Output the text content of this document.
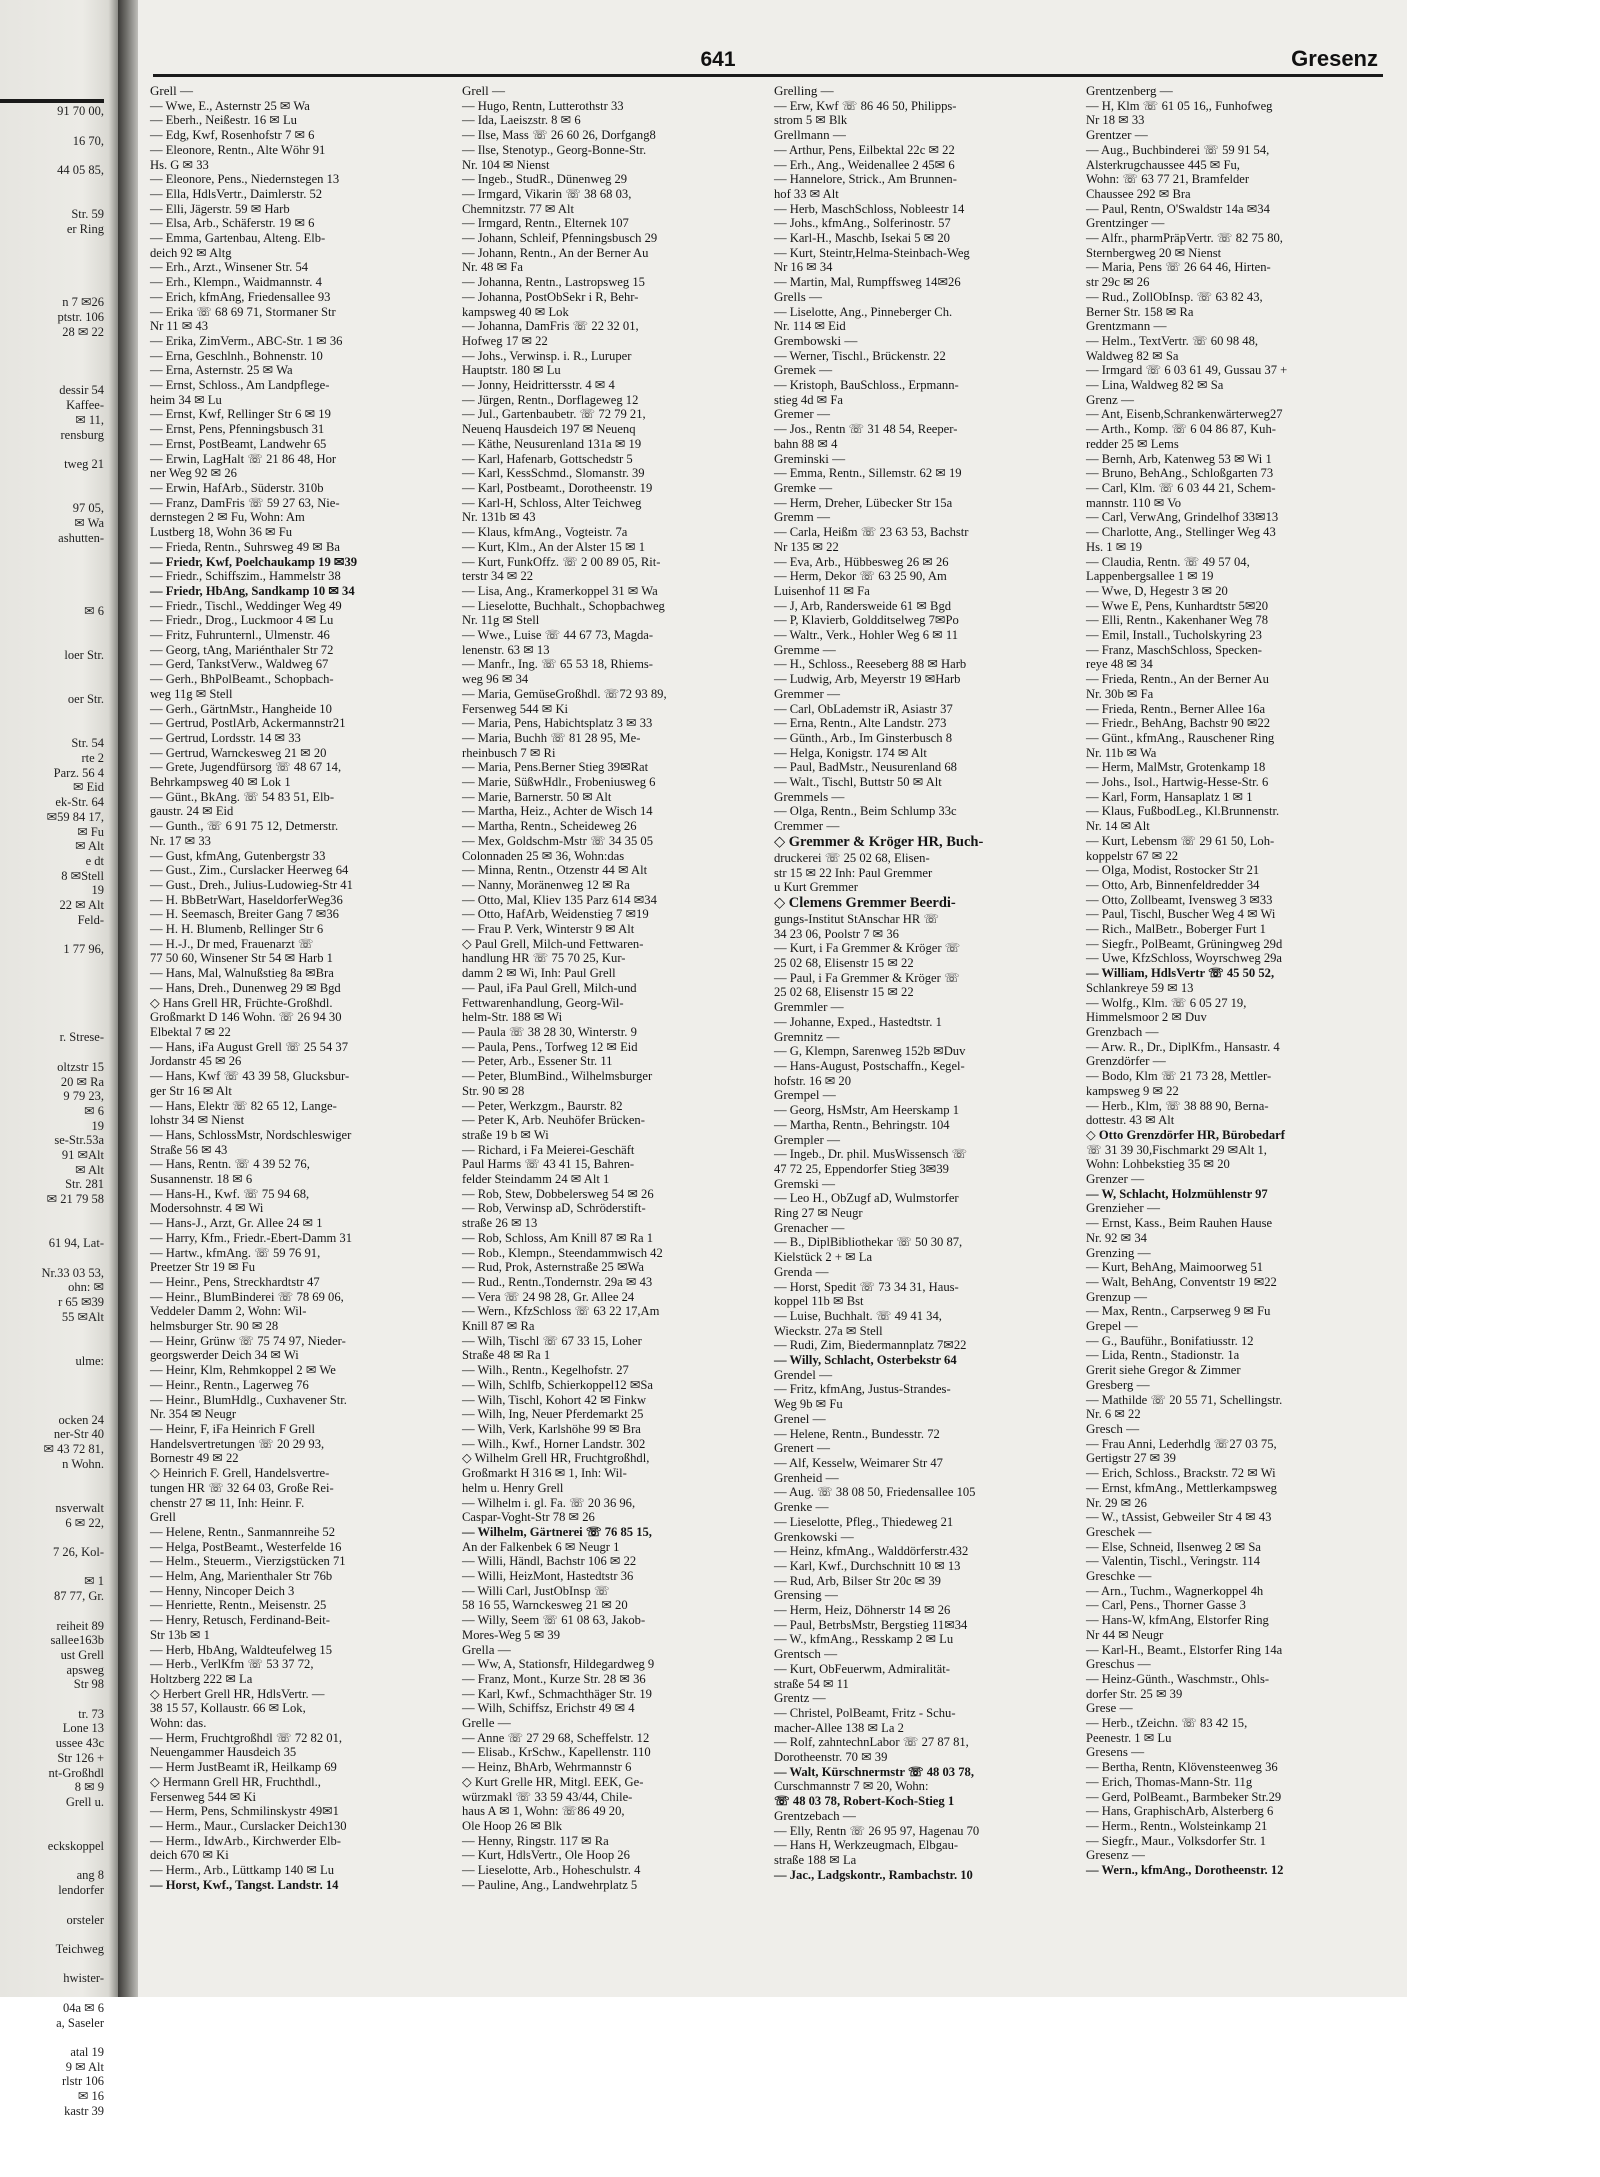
91 70 00,

16 70,

44 05 85,

Str. 59
er Ring

n 7 ✉26
ptstr. 106
28 ✉ 22

dessir 54
Kaffee-
✉ 11,
rensburg

tweg 21

97 05,
✉ Wa
ashutten-

✉ 6

loer Str.

oer Str.

Str. 54
rte 2
Parz. 56 4
✉ Eid
ek-Str. 64
✉59 84 17,
✉ Fu
✉ Alt
e dt
8 ✉Stell
19
22 ✉ Alt
Feld-

1 77 96,

r. Strese-

oltzstr 15
20 ✉ Ra
9 79 23,
✉ 6
19
se-Str.53a
91 ✉Alt
✉ Alt
Str. 281
✉ 21 79 58

61 94, Lat-

Nr.33 03 53,
ohn: ✉
r 65 ✉39
55 ✉Alt

ulme:

ocken 24
ner-Str 40
✉ 43 72 81,
n Wohn.

nsverwalt
6 ✉ 22,

7 26, Kol-

✉ 1
87 77, Gr.

reiheit 89
sallee163b
ust Grell
apsweg
Str 98

tr. 73
Lone 13
ussee 43c
Str 126 +
nt-Großhdl
8 ✉ 9
Grell u.

eckskoppel

ang 8
lendorfer

orsteler

Teichweg

hwister-

04a ✉ 6
a, Saseler

atal 19
9 ✉ Alt
rlstr 106
✉ 16
kastr 39
641	Gresenz
Grell —
— Wwe, E., Asternstr 25 ✉ Wa
— Eberh., Neißestr. 16 ✉ Lu
— Edg, Kwf, Rosenhofstr 7 ✉ 6
— Eleonore, Rentn., Alte Wöhr 91
Hs. G ✉ 33
— Eleonore, Pens., Niedernstegen 13
— Ella, HdlsVertr., Daimlerstr. 52
— Elli, Jägerstr. 59 ✉ Harb
— Elsa, Arb., Schäferstr. 19 ✉ 6
— Emma, Gartenbau, Alteng. Elb-
deich 92 ✉ Altg
— Erh., Arzt., Winsener Str. 54
— Erh., Klempn., Waidmannstr. 4
— Erich, kfmAng, Friedensallee 93
— Erika ☏ 68 69 71, Stormaner Str
Nr 11 ✉ 43
— Erika, ZimVerm., ABC-Str. 1 ✉ 36
— Erna, Geschlnh., Bohnenstr. 10
— Erna, Asternstr. 25 ✉ Wa
— Ernst, Schloss., Am Landpflege-
heim 34 ✉ Lu
— Ernst, Kwf, Rellinger Str 6 ✉ 19
— Ernst, Pens, Pfenningsbusch 31
— Ernst, PostBeamt, Landwehr 65
— Erwin, LagHalt ☏ 21 86 48, Hor
ner Weg 92 ✉ 26
— Erwin, HafArb., Süderstr. 310b
— Franz, DamFris ☏ 59 27 63, Nie-
dernstegen 2 ✉ Fu, Wohn: Am
Lustberg 18, Wohn 36 ✉ Fu
— Frieda, Rentn., Suhrsweg 49 ✉ Ba
— Friedr, Kwf, Poelchaukamp 19 ✉39
— Friedr., Schiffszim., Hammelstr 38
— Friedr, HbAng, Sandkamp 10 ✉ 34
— Friedr., Tischl., Weddinger Weg 49
— Friedr., Drog., Luckmoor 4 ✉ Lu
— Fritz, Fuhrunternl., Ulmenstr. 46
— Georg, tAng, Mariénthaler Str 72
— Gerd, TankstVerw., Waldweg 67
— Gerh., BhPolBeamt., Schopbach-
weg 11g ✉ Stell
— Gerh., GärtnMstr., Hangheide 10
— Gertrud, PostlArb, Ackermannstr21
— Gertrud, Lordsstr. 14 ✉ 33
— Gertrud, Warnckesweg 21 ✉ 20
— Grete, Jugendfürsorg ☏ 48 67 14,
Behrkampsweg 40 ✉ Lok 1
— Günt., BkAng. ☏ 54 83 51, Elb-
gaustr. 24 ✉ Eid
— Gunth., ☏ 6 91 75 12, Detmerstr.
Nr. 17 ✉ 33
— Gust, kfmAng, Gutenbergstr 33
— Gust., Zim., Curslacker Heerweg 64
— Gust., Dreh., Julius-Ludowieg-Str 41
— H. BbBetrWart, HaseldorferWeg36
— H. Seemasch, Breiter Gang 7 ✉36
— H. H. Blumenb, Rellinger Str 6
— H.-J., Dr med, Frauenarzt ☏
77 50 60, Winsener Str 54 ✉ Harb 1
— Hans, Mal, Walnußstieg 8a ✉Bra
— Hans, Dreh., Dunenweg 29 ✉ Bgd
◇ Hans Grell HR, Früchte-Großhdl.
Großmarkt D 146 Wohn. ☏ 26 94 30
Elbektal 7 ✉ 22
— Hans, iFa August Grell ☏ 25 54 37
Jordanstr 45 ✉ 26
— Hans, Kwf ☏ 43 39 58, Glucksbur-
ger Str 16 ✉ Alt
— Hans, Elektr ☏ 82 65 12, Lange-
lohstr 34 ✉ Nienst
— Hans, SchlossMstr, Nordschleswiger
Straße 56 ✉ 43
— Hans, Rentn. ☏ 4 39 52 76,
Susannenstr. 18 ✉ 6
— Hans-H., Kwf. ☏ 75 94 68,
Modersohnstr. 4 ✉ Wi
— Hans-J., Arzt, Gr. Allee 24 ✉ 1
— Harry, Kfm., Friedr.-Ebert-Damm 31
— Hartw., kfmAng. ☏ 59 76 91,
Preetzer Str 19 ✉ Fu
— Heinr., Pens, Streckhardtstr 47
— Heinr., BlumBinderei ☏ 78 69 06,
Veddeler Damm 2, Wohn: Wil-
helmsburger Str. 90 ✉ 28
— Heinr, Grünw ☏ 75 74 97, Nieder-
georgswerder Deich 34 ✉ Wi
— Heinr, Klm, Rehmkoppel 2 ✉ We
— Heinr., Rentn., Lagerweg 76
— Heinr., BlumHdlg., Cuxhavener Str.
Nr. 354 ✉ Neugr
— Heinr, F, iFa Heinrich F Grell
Handelsvertretungen ☏ 20 29 93,
Bornestr 49 ✉ 22
◇ Heinrich F. Grell, Handelsvertre-
tungen HR ☏ 32 64 03, Große Rei-
chenstr 27 ✉ 11, Inh: Heinr. F.
Grell
— Helene, Rentn., Sanmannreihe 52
— Helga, PostBeamt., Westerfelde 16
— Helm., Steuerm., Vierzigstücken 71
— Helm, Ang, Marienthaler Str 76b
— Henny, Nincoper Deich 3
— Henriette, Rentn., Meisenstr. 25
— Henry, Retusch, Ferdinand-Beit-
Str 13b ✉ 1
— Herb, HbAng, Waldteufelweg 15
— Herb., VerlKfm ☏ 53 37 72,
Holtzberg 222 ✉ La
◇ Herbert Grell HR, HdlsVertr. —
38 15 57, Kollaustr. 66 ✉ Lok,
Wohn: das.
— Herm, Fruchtgroßhdl ☏ 72 82 01,
Neuengammer Hausdeich 35
— Herm JustBeamt iR, Heilkamp 69
◇ Hermann Grell HR, Fruchthdl.,
Fersenweg 544 ✉ Ki
— Herm, Pens, Schmilinskystr 49✉1
— Herm., Maur., Curslacker Deich130
— Herm., IdwArb., Kirchwerder Elb-
deich 670 ✉ Ki
— Herm., Arb., Lüttkamp 140 ✉ Lu
— Horst, Kwf., Tangst. Landstr. 14
Grell —
— Hugo, Rentn, Lutterothstr 33
— Ida, Laeiszstr. 8 ✉ 6
— Ilse, Mass ☏ 26 60 26, Dorfgang8
— Ilse, Stenotyp., Georg-Bonne-Str.
Nr. 104 ✉ Nienst
— Ingeb., StudR., Dünenweg 29
— Irmgard, Vikarin ☏ 38 68 03,
Chemnitzstr. 77 ✉ Alt
— Irmgard, Rentn., Elternek 107
— Johann, Schleif, Pfenningsbusch 29
— Johann, Rentn., An der Berner Au
Nr. 48 ✉ Fa
— Johanna, Rentn., Lastropsweg 15
— Johanna, PostObSekr i R, Behr-
kampsweg 40 ✉ Lok
— Johanna, DamFris ☏ 22 32 01,
Hofweg 17 ✉ 22
— Johs., Verwinsp. i. R., Luruper
Hauptstr. 180 ✉ Lu
— Jonny, Heidrittersstr. 4 ✉ 4
— Jürgen, Rentn., Dorflageweg 12
— Jul., Gartenbaubetr. ☏ 72 79 21,
Neuenq Hausdeich 197 ✉ Neuenq
— Käthe, Neusurenland 131a ✉ 19
— Karl, Hafenarb, Gottschedstr 5
— Karl, KessSchmd., Slomanstr. 39
— Karl, Postbeamt., Dorotheenstr. 19
— Karl-H, Schloss, Alter Teichweg
Nr. 131b ✉ 43
— Klaus, kfmAng., Vogteistr. 7a
— Kurt, Klm., An der Alster 15 ✉ 1
— Kurt, FunkOffz. ☏ 2 00 89 05, Rit-
terstr 34 ✉ 22
— Lisa, Ang., Kramerkoppel 31 ✉ Wa
— Lieselotte, Buchhalt., Schopbachweg
Nr. 11g ✉ Stell
— Wwe., Luise ☏ 44 67 73, Magda-
lenenstr. 63 ✉ 13
— Manfr., Ing. ☏ 65 53 18, Rhiems-
weg 96 ✉ 34
— Maria, GemüseGroßhdl. ☏72 93 89,
Fersenweg 544 ✉ Ki
— Maria, Pens, Habichtsplatz 3 ✉ 33
— Maria, Buchh ☏ 81 28 95, Me-
rheinbusch 7 ✉ Ri
— Maria, Pens.Berner Stieg 39✉Rat
— Marie, SüßwHdlr., Frobeniusweg 6
— Marie, Barnerstr. 50 ✉ Alt
— Martha, Heiz., Achter de Wisch 14
— Martha, Rentn., Scheideweg 26
— Mex, Goldschm-Mstr ☏ 34 35 05
Colonnaden 25 ✉ 36, Wohn:das
— Minna, Rentn., Otzenstr 44 ✉ Alt
— Nanny, Moränenweg 12 ✉ Ra
— Otto, Mal, Kliev 135 Parz 614 ✉34
— Otto, HafArb, Weidenstieg 7 ✉19
— Frau P. Verk, Winterstr 9 ✉ Alt
◇ Paul Grell, Milch-und Fettwaren-
handlung HR ☏ 75 70 25, Kur-
damm 2 ✉ Wi, Inh: Paul Grell
— Paul, iFa Paul Grell, Milch-und
Fettwarenhandlung, Georg-Wil-
helm-Str. 188 ✉ Wi
— Paula ☏ 38 28 30, Winterstr. 9
— Paula, Pens., Torfweg 12 ✉ Eid
— Peter, Arb., Essener Str. 11
— Peter, BlumBind., Wilhelmsburger
Str. 90 ✉ 28
— Peter, Werkzgm., Baurstr. 82
— Peter K, Arb. Neuhöfer Brücken-
straße 19 b ✉ Wi
— Richard, i Fa Meierei-Geschäft
Paul Harms ☏ 43 41 15, Bahren-
felder Steindamm 24 ✉ Alt 1
— Rob, Stew, Dobbelersweg 54 ✉ 26
— Rob, Verwinsp aD, Schröderstift-
straße 26 ✉ 13
— Rob, Schloss, Am Knill 87 ✉ Ra 1
— Rob., Klempn., Steendammwisch 42
— Rud, Prok, Asternstraße 25 ✉Wa
— Rud., Rentn.,Tondernstr. 29a ✉ 43
— Vera ☏ 24 98 28, Gr. Allee 24
— Wern., KfzSchloss ☏ 63 22 17,Am
Knill 87 ✉ Ra
— Wilh, Tischl ☏ 67 33 15, Loher
Straße 48 ✉ Ra 1
— Wilh., Rentn., Kegelhofstr. 27
— Wilh, Schlfb, Schierkoppel12 ✉Sa
— Wilh, Tischl, Kohort 42 ✉ Finkw
— Wilh, Ing, Neuer Pferdemarkt 25
— Wilh, Verk, Karlshöhe 99 ✉ Bra
— Wilh., Kwf., Horner Landstr. 302
◇ Wilhelm Grell HR, Fruchtgroßhdl,
Großmarkt H 316 ✉ 1, Inh: Wil-
helm u. Henry Grell
— Wilhelm i. gl. Fa. ☏ 20 36 96,
Caspar-Voght-Str 78 ✉ 26
— Wilhelm, Gärtnerei ☏ 76 85 15,
An der Falkenbek 6 ✉ Neugr 1
— Willi, Händl, Bachstr 106 ✉ 22
— Willi, HeizMont, Hastedtstr 36
— Willi Carl, JustObInsp ☏
58 16 55, Warnckesweg 21 ✉ 20
— Willy, Seem ☏ 61 08 63, Jakob-
Mores-Weg 5 ✉ 39
Grella —
— Ww, A, Stationsfr, Hildegardweg 9
— Franz, Mont., Kurze Str. 28 ✉ 36
— Karl, Kwf., Schmachthäger Str. 19
— Wilh, Schiffsz, Erichstr 49 ✉ 4
Grelle —
— Anne ☏ 27 29 68, Scheffelstr. 12
— Elisab., KrSchw., Kapellenstr. 110
— Heinz, BhArb, Wehrmannstr 6
◇ Kurt Grelle HR, Mitgl. EEK, Ge-
würzmakl ☏ 33 59 43/44, Chile-
haus A ✉ 1, Wohn: ☏86 49 20,
Ole Hoop 26 ✉ Blk
— Henny, Ringstr. 117 ✉ Ra
— Kurt, HdlsVertr., Ole Hoop 26
— Lieselotte, Arb., Hoheschulstr. 4
— Pauline, Ang., Landwehrplatz 5
Grelling —
— Erw, Kwf ☏ 86 46 50, Philipps-
strom 5 ✉ Blk
Grellmann —
— Arthur, Pens, Eilbektal 22c ✉ 22
— Erh., Ang., Weidenallee 2 45✉ 6
— Hannelore, Strick., Am Brunnen-
hof 33 ✉ Alt
— Herb, MaschSchloss, Nobleestr 14
— Johs., kfmAng., Solferinostr. 57
— Karl-H., Maschb, Isekai 5 ✉ 20
— Kurt, Steintr,Helma-Steinbach-Weg
Nr 16 ✉ 34
— Martin, Mal, Rumpffsweg 14✉26
Grells —
— Liselotte, Ang., Pinneberger Ch.
Nr. 114 ✉ Eid
Grembowski —
— Werner, Tischl., Brückenstr. 22
Gremek —
— Kristoph, BauSchloss., Erpmann-
stieg 4d ✉ Fa
Gremer —
— Jos., Rentn ☏ 31 48 54, Reeper-
bahn 88 ✉ 4
Greminski —
— Emma, Rentn., Sillemstr. 62 ✉ 19
Gremke —
— Herm, Dreher, Lübecker Str 15a
Gremm —
— Carla, Heißm ☏ 23 63 53, Bachstr
Nr 135 ✉ 22
— Eva, Arb., Hübbesweg 26 ✉ 26
— Herm, Dekor ☏ 63 25 90, Am
Luisenhof 11 ✉ Fa
— J, Arb, Randersweide 61 ✉ Bgd
— P, Klavierb, Goldditselweg 7✉Po
— Waltr., Verk., Hohler Weg 6 ✉ 11
Gremme —
— H., Schloss., Reeseberg 88 ✉ Harb
— Ludwig, Arb, Meyerstr 19 ✉Harb
Gremmer —
— Carl, ObLademstr iR, Asiastr 37
— Erna, Rentn., Alte Landstr. 273
— Günth., Arb., Im Ginsterbusch 8
— Helga, Konigstr. 174 ✉ Alt
— Paul, BadMstr., Neusurenland 68
— Walt., Tischl, Buttstr 50 ✉ Alt
Gremmels —
— Olga, Rentn., Beim Schlump 33c
Cremmer —
◇ Gremmer & Kröger HR, Buch-
druckerei ☏ 25 02 68, Elisen-
str 15 ✉ 22 Inh: Paul Gremmer
u Kurt Gremmer
◇ Clemens Gremmer Beerdi-
gungs-Institut StAnschar HR ☏
34 23 06, Poolstr 7 ✉ 36
— Kurt, i Fa Gremmer & Kröger ☏
25 02 68, Elisenstr 15 ✉ 22
— Paul, i Fa Gremmer & Kröger ☏
25 02 68, Elisenstr 15 ✉ 22
Gremmler —
— Johanne, Exped., Hastedtstr. 1
Gremnitz —
— G, Klempn, Sarenweg 152b ✉Duv
— Hans-August, Postschaffn., Kegel-
hofstr. 16 ✉ 20
Grempel —
— Georg, HsMstr, Am Heerskamp 1
— Martha, Rentn., Behringstr. 104
Grempler —
— Ingeb., Dr. phil. MusWissensch ☏
47 72 25, Eppendorfer Stieg 3✉39
Gremski —
— Leo H., ObZugf aD, Wulmstorfer
Ring 27 ✉ Neugr
Grenacher —
— B., DiplBibliothekar ☏ 50 30 87,
Kielstück 2 + ✉ La
Grenda —
— Horst, Spedit ☏ 73 34 31, Haus-
koppel 11b ✉ Bst
— Luise, Buchhalt. ☏ 49 41 34,
Wieckstr. 27a ✉ Stell
— Rudi, Zim, Biedermannplatz 7✉22
— Willy, Schlacht, Osterbekstr 64
Grendel —
— Fritz, kfmAng, Justus-Strandes-
Weg 9b ✉ Fu
Grenel —
— Helene, Rentn., Bundesstr. 72
Grenert —
— Alf, Kesselw, Weimarer Str 47
Grenheid —
— Aug. ☏ 38 08 50, Friedensallee 105
Grenke —
— Lieselotte, Pfleg., Thiedeweg 21
Grenkowski —
— Heinz, kfmAng., Walddörferstr.432
— Karl, Kwf., Durchschnitt 10 ✉ 13
— Rud, Arb, Bilser Str 20c ✉ 39
Grensing —
— Herm, Heiz, Döhnerstr 14 ✉ 26
— Paul, BetrbsMstr, Bergstieg 11✉34
— W., kfmAng., Resskamp 2 ✉ Lu
Grentsch —
— Kurt, ObFeuerwm, Admiralität-
straße 54 ✉ 11
Grentz —
— Christel, PolBeamt, Fritz - Schu-
macher-Allee 138 ✉ La 2
— Rolf, zahntechnLabor ☏ 27 87 81,
Dorotheenstr. 70 ✉ 39
— Walt, Kürschnermstr ☏ 48 03 78,
Curschmannstr 7 ✉ 20, Wohn:
☏ 48 03 78, Robert-Koch-Stieg 1
Grentzebach —
— Elly, Rentn ☏ 26 95 97, Hagenau 70
— Hans H, Werkzeugmach, Elbgau-
straße 188 ✉ La
— Jac., Ladgskontr., Rambachstr. 10
Grentzenberg —
— H, Klm ☏ 61 05 16,, Funhofweg
Nr 18 ✉ 33
Grentzer —
— Aug., Buchbinderei ☏ 59 91 54,
Alsterkrugchaussee 445 ✉ Fu,
Wohn: ☏ 63 77 21, Bramfelder
Chaussee 292 ✉ Bra
— Paul, Rentn, O'Swaldstr 14a ✉34
Grentzinger —
— Alfr., pharmPräpVertr. ☏ 82 75 80,
Sternbergweg 20 ✉ Nienst
— Maria, Pens ☏ 26 64 46, Hirten-
str 29c ✉ 26
— Rud., ZollObInsp. ☏ 63 82 43,
Berner Str. 158 ✉ Ra
Grentzmann —
— Helm., TextVertr. ☏ 60 98 48,
Waldweg 82 ✉ Sa
— Irmgard ☏ 6 03 61 49, Gussau 37 +
— Lina, Waldweg 82 ✉ Sa
Grenz —
— Ant, Eisenb,Schrankenwärterweg27
— Arth., Komp. ☏ 6 04 86 87, Kuh-
redder 25 ✉ Lems
— Bernh, Arb, Katenweg 53 ✉ Wi 1
— Bruno, BehAng., Schloßgarten 73
— Carl, Klm. ☏ 6 03 44 21, Schem-
mannstr. 110 ✉ Vo
— Carl, VerwAng, Grindelhof 33✉13
— Charlotte, Ang., Stellinger Weg 43
Hs. 1 ✉ 19
— Claudia, Rentn. ☏ 49 57 04,
Lappenbergsallee 1 ✉ 19
— Wwe, D, Hegestr 3 ✉ 20
— Wwe E, Pens, Kunhardtstr 5✉20
— Elli, Rentn., Kakenhaner Weg 78
— Emil, Install., Tucholskyring 23
— Franz, MaschSchloss, Specken-
reye 48 ✉ 34
— Frieda, Rentn., An der Berner Au
Nr. 30b ✉ Fa
— Frieda, Rentn., Berner Allee 16a
— Friedr., BehAng, Bachstr 90 ✉22
— Günt., kfmAng., Rauschener Ring
Nr. 11b ✉ Wa
— Herm, MalMstr, Grotenkamp 18
— Johs., Isol., Hartwig-Hesse-Str. 6
— Karl, Form, Hansaplatz 1 ✉ 1
— Klaus, FußbodLeg., Kl.Brunnenstr.
Nr. 14 ✉ Alt
— Kurt, Lebensm ☏ 29 61 50, Loh-
koppelstr 67 ✉ 22
— Olga, Modist, Rostocker Str 21
— Otto, Arb, Binnenfeldredder 34
— Otto, Zollbeamt, Ivensweg 3 ✉33
— Paul, Tischl, Buscher Weg 4 ✉ Wi
— Rich., MalBetr., Boberger Furt 1
— Siegfr., PolBeamt, Grüningweg 29d
— Uwe, KfzSchloss, Woyrschweg 29a
— William, HdlsVertr ☏ 45 50 52,
Schlankreye 59 ✉ 13
— Wolfg., Klm. ☏ 6 05 27 19,
Himmelsmoor 2 ✉ Duv
Grenzbach —
— Arw. R., Dr., DiplKfm., Hansastr. 4
Grenzdörfer —
— Bodo, Klm ☏ 21 73 28, Mettler-
kampsweg 9 ✉ 22
— Herb., Klm, ☏ 38 88 90, Berna-
dottestr. 43 ✉ Alt
◇ Otto Grenzdörfer HR, Bürobedarf
☏ 31 39 30,Fischmarkt 29 ✉Alt 1,
Wohn: Lohbekstieg 35 ✉ 20
Grenzer —
— W, Schlacht, Holzmühlenstr 97
Grenzieher —
— Ernst, Kass., Beim Rauhen Hause
Nr. 92 ✉ 34
Grenzing —
— Kurt, BehAng, Maimoorweg 51
— Walt, BehAng, Conventstr 19 ✉22
Grenzup —
— Max, Rentn., Carpserweg 9 ✉ Fu
Grepel —
— G., Bauführ., Bonifatiusstr. 12
— Lida, Rentn., Stadionstr. 1a
Grerit siehe Gregor & Zimmer
Gresberg —
— Mathilde ☏ 20 55 71, Schellingstr.
Nr. 6 ✉ 22
Gresch —
— Frau Anni, Lederhdlg ☏27 03 75,
Gertigstr 27 ✉ 39
— Erich, Schloss., Brackstr. 72 ✉ Wi
— Ernst, kfmAng., Mettlerkampsweg
Nr. 29 ✉ 26
— W., tAssist, Gebweiler Str 4 ✉ 43
Greschek —
— Else, Schneid, Ilsenweg 2 ✉ Sa
— Valentin, Tischl., Veringstr. 114
Greschke —
— Arn., Tuchm., Wagnerkoppel 4h
— Carl, Pens., Thorner Gasse 3
— Hans-W, kfmAng, Elstorfer Ring
Nr 44 ✉ Neugr
— Karl-H., Beamt., Elstorfer Ring 14a
Greschus —
— Heinz-Günth., Waschmstr., Ohls-
dorfer Str. 25 ✉ 39
Grese —
— Herb., tZeichn. ☏ 83 42 15,
Peenestr. 1 ✉ Lu
Gresens —
— Bertha, Rentn, Klövensteenweg 36
— Erich, Thomas-Mann-Str. 11g
— Gerd, PolBeamt., Barmbeker Str.29
— Hans, GraphischArb, Alsterberg 6
— Herm., Rentn., Wolsteinkamp 21
— Siegfr., Maur., Volksdorfer Str. 1
Gresenz —
— Wern., kfmAng., Dorotheenstr. 12
